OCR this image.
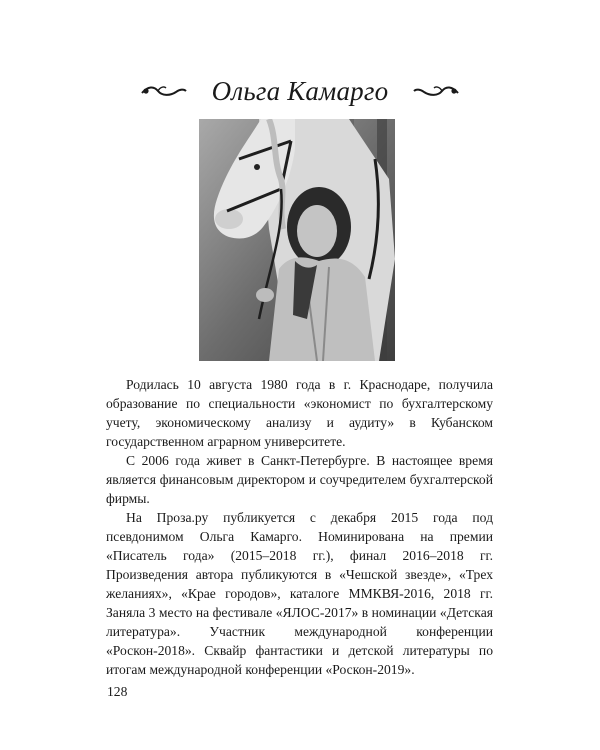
Ольга Камарго

Родилась 10 августа 1980 года в г. Краснодаре, получила образование по специальности «экономист по бухгалтерскому учету, экономическому анализу и аудиту» в Кубанском государственном аграрном университете.

С 2006 года живет в Санкт-Петербурге. В настоящее время является финансовым директором и соучредителем бухгалтерской фирмы.

На Проза.ру публикуется с декабря 2015 года под псевдонимом Ольга Камарго. Номинирована на премии «Писатель года» (2015–2018 гг.), финал 2016–2018 гг. Произведения автора публикуются в «Чешской звезде», «Трех желаниях», «Крае городов», каталоге ММКВЯ-2016, 2018 гг. Заняла 3 место на фестивале «ЯЛОС-2017» в номинации «Детская литература». Участник международной конференции «Роскон-2018». Сквайр фантастики и детской литературы по итогам международной конференции «Роскон-2019».

128
